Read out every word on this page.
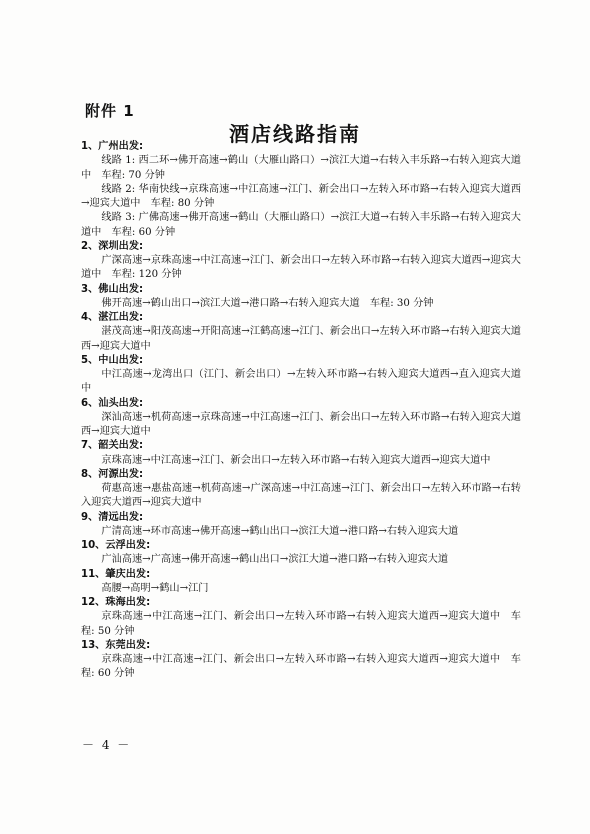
附件 1
酒店线路指南
1、广州出发:
线路 1: 西二环→佛开高速→鹤山（大雁山路口）→滨江大道→右转入丰乐路→右转入迎宾大道中　车程: 70 分钟
线路 2: 华南快线→京珠高速→中江高速→江门、新会出口→左转入环市路→右转入迎宾大道西→迎宾大道中　车程: 80 分钟
线路 3: 广佛高速→佛开高速→鹤山（大雁山路口）→滨江大道→右转入丰乐路→右转入迎宾大道中　车程: 60 分钟
2、深圳出发:
广深高速→京珠高速→中江高速→江门、新会出口→左转入环市路→右转入迎宾大道西→迎宾大道中　车程: 120 分钟
3、佛山出发:
佛开高速→鹤山出口→滨江大道→港口路→右转入迎宾大道　车程: 30 分钟
4、湛江出发:
湛茂高速→阳茂高速→开阳高速→江鹤高速→江门、新会出口→左转入环市路→右转入迎宾大道西→迎宾大道中
5、中山出发:
中江高速→龙湾出口（江门、新会出口）→左转入环市路→右转入迎宾大道西→直入迎宾大道中
6、汕头出发:
深汕高速→机荷高速→京珠高速→中江高速→江门、新会出口→左转入环市路→右转入迎宾大道西→迎宾大道中
7、韶关出发:
京珠高速→中江高速→江门、新会出口→左转入环市路→右转入迎宾大道西→迎宾大道中
8、河源出发:
荷惠高速→惠盐高速→机荷高速→广深高速→中江高速→江门、新会出口→左转入环市路→右转入迎宾大道西→迎宾大道中
9、清远出发:
广清高速→环市高速→佛开高速→鹤山出口→滨江大道→港口路→右转入迎宾大道
10、云浮出发:
广汕高速→广高速→佛开高速→鹤山出口→滨江大道→港口路→右转入迎宾大道
11、肇庆出发:
高腰→高明→鹤山→江门
12、珠海出发:
京珠高速→中江高速→江门、新会出口→左转入环市路→右转入迎宾大道西→迎宾大道中　车程: 50 分钟
13、东莞出发:
京珠高速→中江高速→江门、新会出口→左转入环市路→右转入迎宾大道西→迎宾大道中　车程: 60 分钟
－ 4 －
